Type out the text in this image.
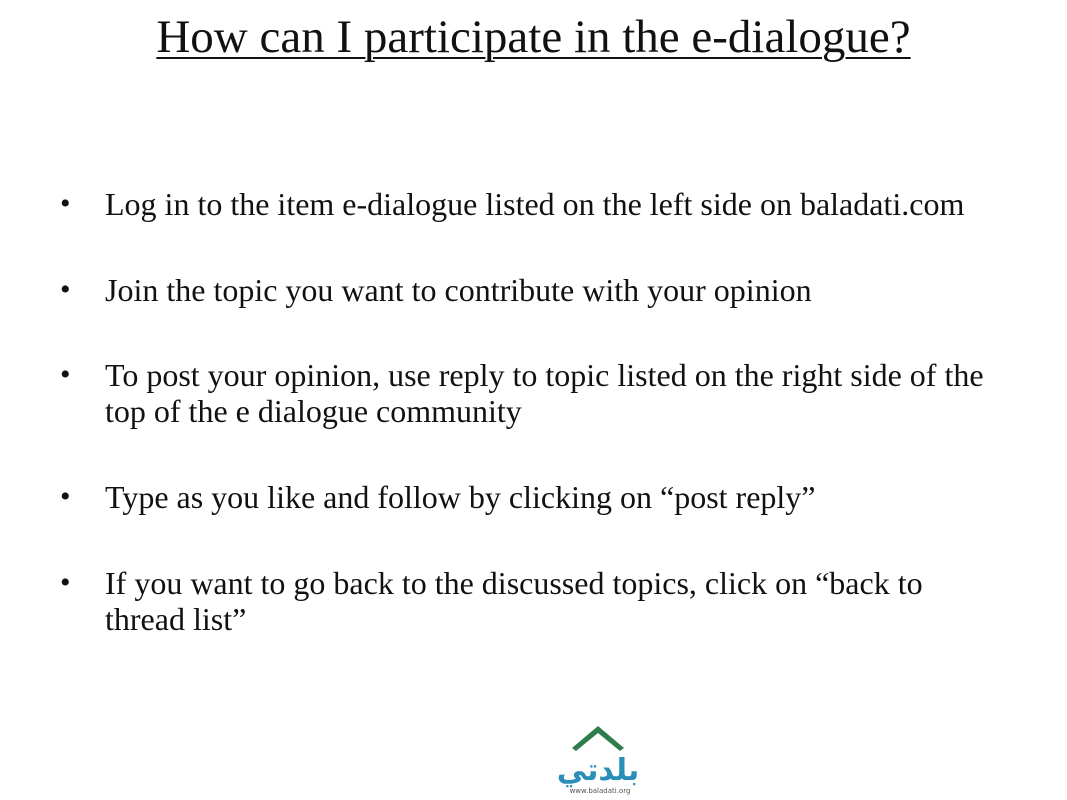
How can I participate in the e-dialogue?
• Log in to the item e-dialogue listed on the left side on baladati.com
• Join the topic you want to contribute with your opinion
• To post your opinion, use reply to topic listed on the right side of the top of the e dialogue community
• Type as you like and follow by clicking on “post reply”
• If you want to go back to the discussed topics, click on “back to thread list”
بلدتي
www.baladati.org
